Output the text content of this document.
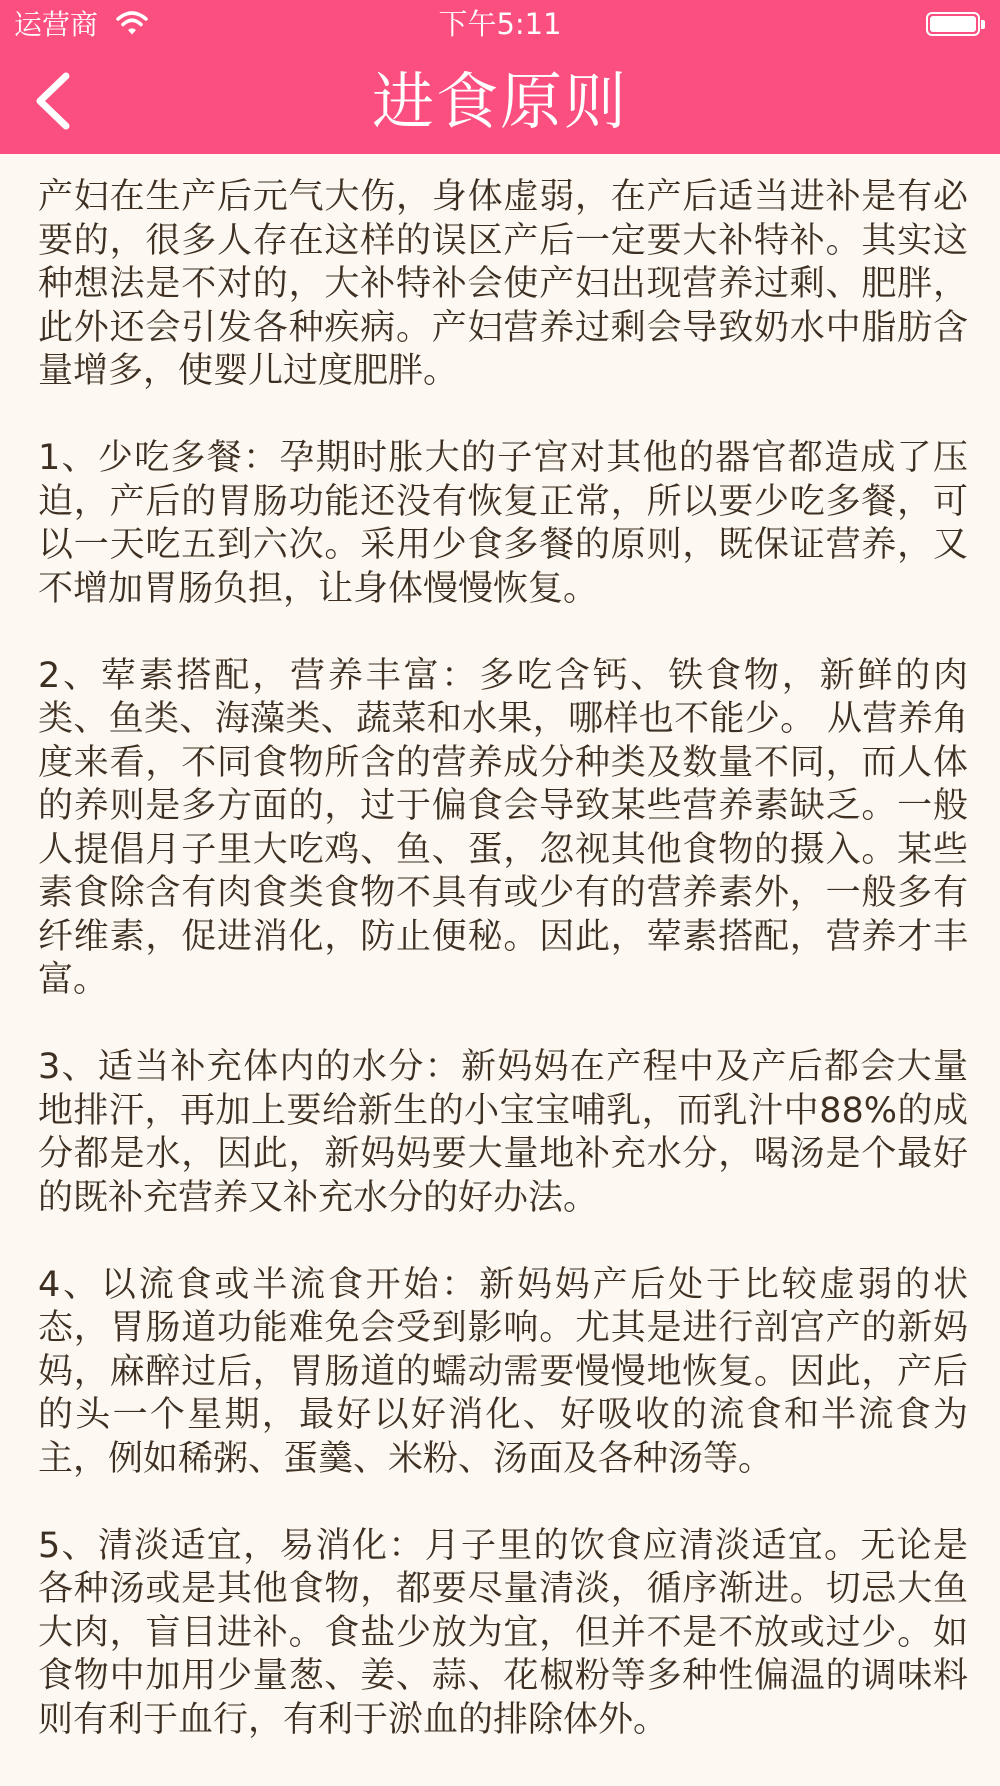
运营商	下午5:11
进食原则

产妇在生产后元气大伤，身体虚弱，在产后适当进补是有必要的，很多人存在这样的误区产后一定要大补特补。其实这种想法是不对的，大补特补会使产妇出现营养过剩、肥胖，此外还会引发各种疾病。产妇营养过剩会导致奶水中脂肪含量增多，使婴儿过度肥胖。

1、少吃多餐：孕期时胀大的子宫对其他的器官都造成了压迫，产后的胃肠功能还没有恢复正常，所以要少吃多餐，可以一天吃五到六次。采用少食多餐的原则，既保证营养，又不增加胃肠负担，让身体慢慢恢复。

2、荤素搭配，营养丰富：多吃含钙、铁食物，新鲜的肉类、鱼类、海藻类、蔬菜和水果，哪样也不能少。 从营养角度来看，不同食物所含的营养成分种类及数量不同，而人体的养则是多方面的，过于偏食会导致某些营养素缺乏。一般人提倡月子里大吃鸡、鱼、蛋，忽视其他食物的摄入。某些素食除含有肉食类食物不具有或少有的营养素外，一般多有纤维素，促进消化，防止便秘。因此，荤素搭配，营养才丰富。

3、适当补充体内的水分：新妈妈在产程中及产后都会大量地排汗，再加上要给新生的小宝宝哺乳，而乳汁中88%的成分都是水，因此，新妈妈要大量地补充水分，喝汤是个最好的既补充营养又补充水分的好办法。

4、以流食或半流食开始：新妈妈产后处于比较虚弱的状态，胃肠道功能难免会受到影响。尤其是进行剖宫产的新妈妈，麻醉过后，胃肠道的蠕动需要慢慢地恢复。因此，产后的头一个星期，最好以好消化、好吸收的流食和半流食为主，例如稀粥、蛋羹、米粉、汤面及各种汤等。

5、清淡适宜，易消化：月子里的饮食应清淡适宜。无论是各种汤或是其他食物，都要尽量清淡，循序渐进。切忌大鱼大肉，盲目进补。食盐少放为宜，但并不是不放或过少。如食物中加用少量葱、姜、蒜、花椒粉等多种性偏温的调味料则有利于血行，有利于淤血的排除体外。
